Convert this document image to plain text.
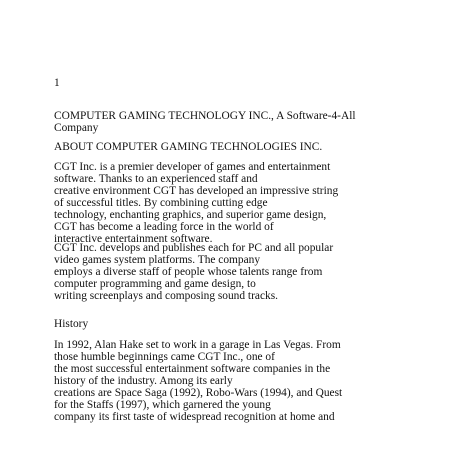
1
COMPUTER GAMING TECHNOLOGY INC., A Software-4-All
Company
ABOUT COMPUTER GAMING TECHNOLOGIES INC.
CGT Inc. is a premier developer of games and entertainment
software. Thanks to an experienced staff and
creative environment CGT has developed an impressive string
of successful titles. By combining cutting edge
technology, enchanting graphics, and superior game design,
CGT has become a leading force in the world of
interactive entertainment software.
CGT Inc. develops and publishes each for PC and all popular
video games system platforms. The company
employs a diverse staff of people whose talents range from
computer programming and game design, to
writing screenplays and composing sound tracks.
History
In 1992, Alan Hake set to work in a garage in Las Vegas. From
those humble beginnings came CGT Inc., one of
the most successful entertainment software companies in the
history of the industry. Among its early
creations are Space Saga (1992), Robo-Wars (1994), and Quest
for the Staffs (1997), which garnered the young
company its first taste of widespread recognition at home and
